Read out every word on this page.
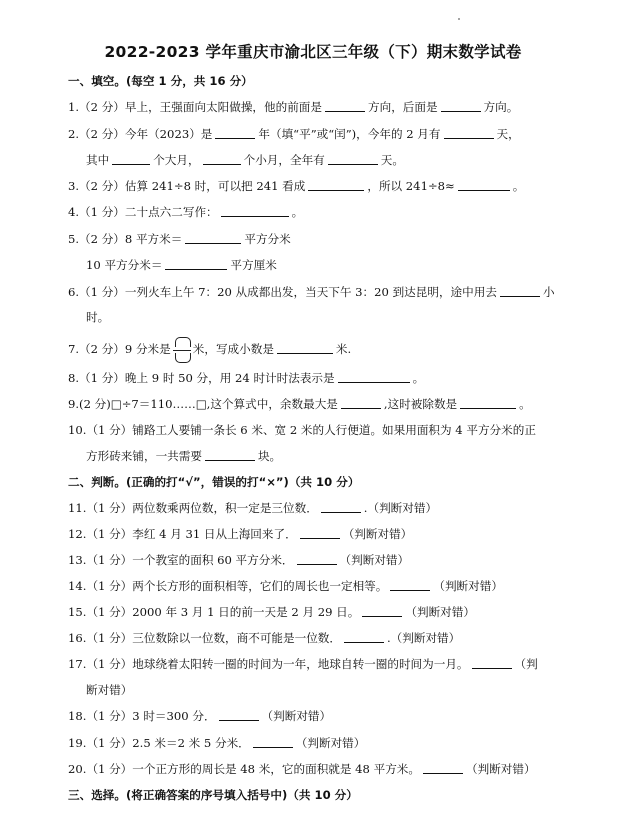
2022-2023 学年重庆市渝北区三年级（下）期末数学试卷
一、填空。(每空 1 分，共 16 分）
1.（2 分）早上，王强面向太阳做操，他的前面是	方向，后面是	方向。
2.（2 分）今年（2023）是	年（填“平”或“闰”)，今年的 2 月有	天，
其中	个大月，	个小月，全年有	天。
3.（2 分）估算 241÷8 时，可以把 241 看成	，所以 241÷8≈	。
4.（1 分）二十点六二写作：	。
5.（2 分）8 平方米＝	平方分米
10 平方分米＝	平方厘米
6.（1 分）一列火车上午 7：20 从成都出发，当天下午 3：20 到达昆明，途中用去	小
时。
7.（2 分）9 分米是 米，写成小数是	米.
8.（1 分）晚上 9 时 50 分，用 24 时计时法表示是	。
9.(2 分)□÷7＝110……□,这个算式中，余数最大是	,这时被除数是	。
10.（1 分）铺路工人要铺一条长 6 米、宽 2 米的人行便道。如果用面积为 4 平方分米的正
方形砖来铺，一共需要	块。
二、判断。(正确的打“√”，错误的打“×”)（共 10 分）
11.（1 分）两位数乘两位数，积一定是三位数．	.（判断对错）
12.（1 分）李红 4 月 31 日从上海回来了．	（判断对错）
13.（1 分）一个教室的面积 60 平方分米．	（判断对错）
14.（1 分）两个长方形的面积相等，它们的周长也一定相等。	（判断对错）
15.（1 分）2000 年 3 月 1 日的前一天是 2 月 29 日。	（判断对错）
16.（1 分）三位数除以一位数，商不可能是一位数．	.（判断对错）
17.（1 分）地球绕着太阳转一圈的时间为一年，地球自转一圈的时间为一月。	（判
断对错）
18.（1 分）3 时＝300 分．	（判断对错）
19.（1 分）2.5 米＝2 米 5 分米．	（判断对错）
20.（1 分）一个正方形的周长是 48 米，它的面积就是 48 平方米。	（判断对错）
三、选择。(将正确答案的序号填入括号中)（共 10 分）
